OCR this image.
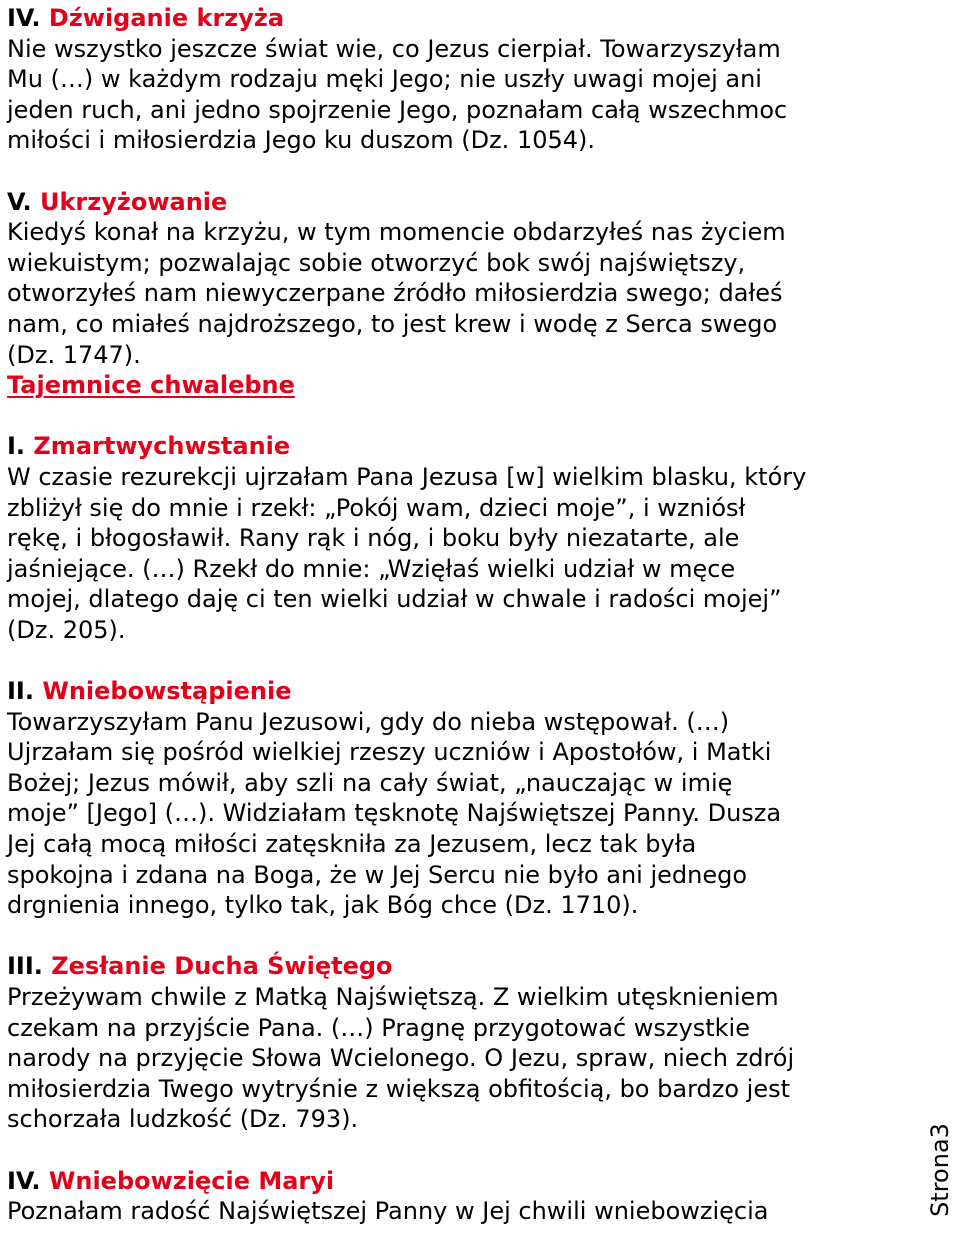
IV. Dźwiganie krzyża
Nie wszystko jeszcze świat wie, co Jezus cierpiał. Towarzyszyłam
Mu (…) w każdym rodzaju męki Jego; nie uszły uwagi mojej ani
jeden ruch, ani jedno spojrzenie Jego, poznałam całą wszechmoc
miłości i miłosierdzia Jego ku duszom (Dz. 1054).
V. Ukrzyżowanie
Kiedyś konał na krzyżu, w tym momencie obdarzyłeś nas życiem
wiekuistym; pozwalając sobie otworzyć bok swój najświętszy,
otworzyłeś nam niewyczerpane źródło miłosierdzia swego; dałeś
nam, co miałeś najdroższego, to jest krew i wodę z Serca swego
(Dz. 1747).
Tajemnice chwalebne
I. Zmartwychwstanie
W czasie rezurekcji ujrzałam Pana Jezusa [w] wielkim blasku, który
zbliżył się do mnie i rzekł: „Pokój wam, dzieci moje”, i wzniósł
rękę, i błogosławił. Rany rąk i nóg, i boku były niezatarte, ale
jaśniejące. (…) Rzekł do mnie: „Wzięłaś wielki udział w męce
mojej, dlatego daję ci ten wielki udział w chwale i radości mojej”
(Dz. 205).
II. Wniebowstąpienie
Towarzyszyłam Panu Jezusowi, gdy do nieba wstępował. (…)
Ujrzałam się pośród wielkiej rzeszy uczniów i Apostołów, i Matki
Bożej; Jezus mówił, aby szli na cały świat, „nauczając w imię
moje” [Jego] (…). Widziałam tęsknotę Najświętszej Panny. Dusza
Jej całą mocą miłości zatęskniła za Jezusem, lecz tak była
spokojna i zdana na Boga, że w Jej Sercu nie było ani jednego
drgnienia innego, tylko tak, jak Bóg chce (Dz. 1710).
III. Zesłanie Ducha Świętego
Przeżywam chwile z Matką Najświętszą. Z wielkim utęsknieniem
czekam na przyjście Pana. (…) Pragnę przygotować wszystkie
narody na przyjęcie Słowa Wcielonego. O Jezu, spraw, niech zdrój
miłosierdzia Twego wytryśnie z większą obfitością, bo bardzo jest
schorzała ludzkość (Dz. 793).
IV. Wniebowzięcie Maryi
Poznałam radość Najświętszej Panny w Jej chwili wniebowzięcia	Strona3
